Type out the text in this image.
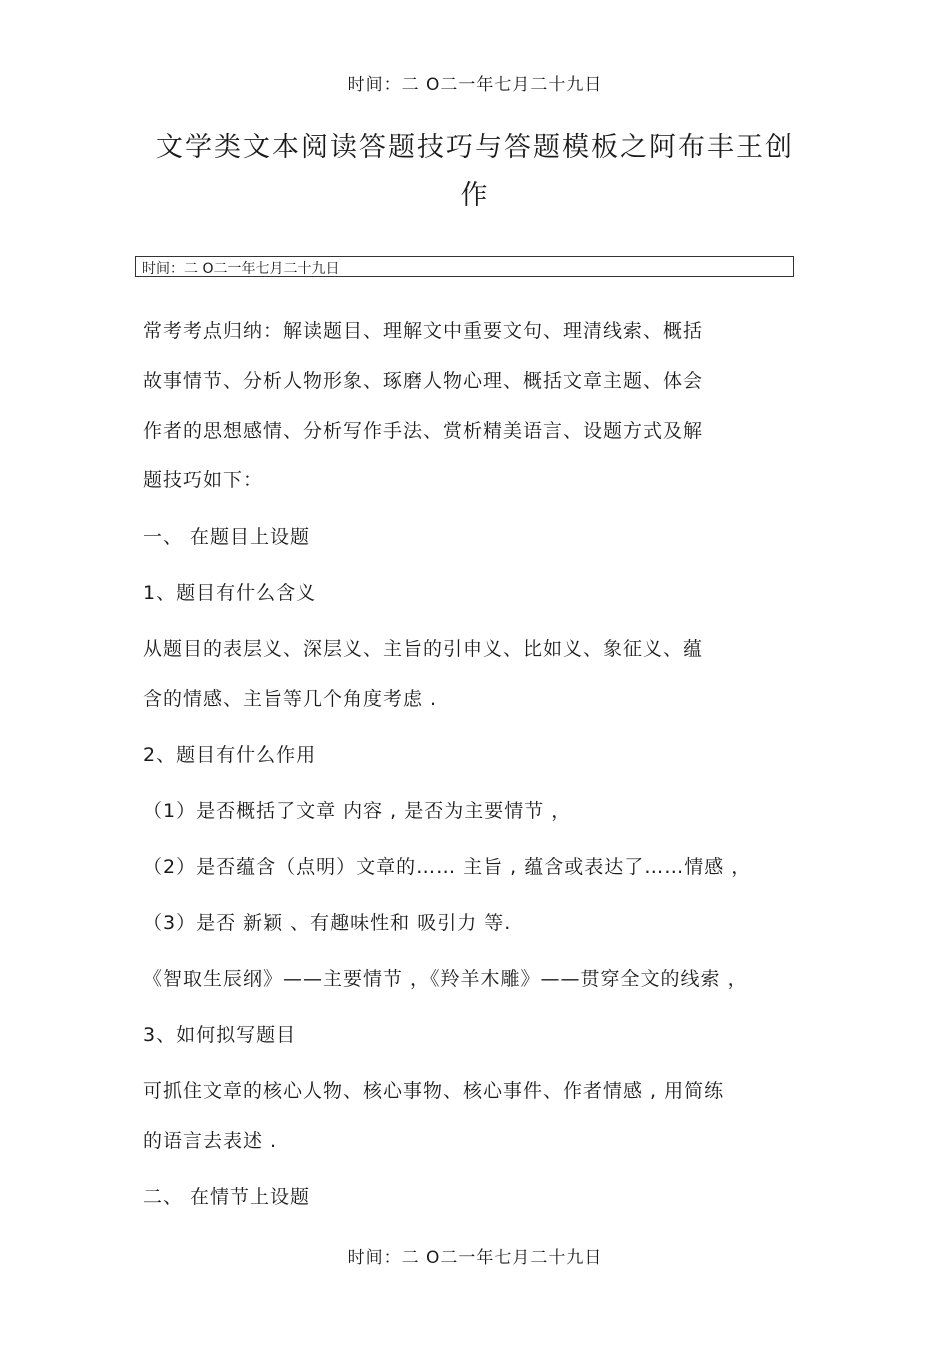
时间：二 O二一年七月二十九日
文学类文本阅读答题技巧与答题模板之阿布丰王创
作
时间：二 O二一年七月二十九日
常考考点归纳：解读题目、理解文中重要文句、理清线索、概括
故事情节、分析人物形象、琢磨人物心理、概括文章主题、体会
作者的思想感情、分析写作手法、赏析精美语言、设题方式及解
题技巧如下：
一、 在题目上设题
1、题目有什么含义
从题目的表层义、深层义、主旨的引申义、比如义、象征义、蕴
含的情感、主旨等几个角度考虑 .
2、题目有什么作用
（1）是否概括了文章 内容 , 是否为主要情节 ，
（2）是否蕴含（点明）文章的…… 主旨 , 蕴含或表达了……情感 ，
（3）是否 新颖 、有趣味性和 吸引力 等.
《智取生辰纲》——主要情节 ，《羚羊木雕》——贯穿全文的线索 ，
3、如何拟写题目
可抓住文章的核心人物、核心事物、核心事件、作者情感 , 用简练
的语言去表述 .
二、 在情节上设题
时间：二 O二一年七月二十九日
